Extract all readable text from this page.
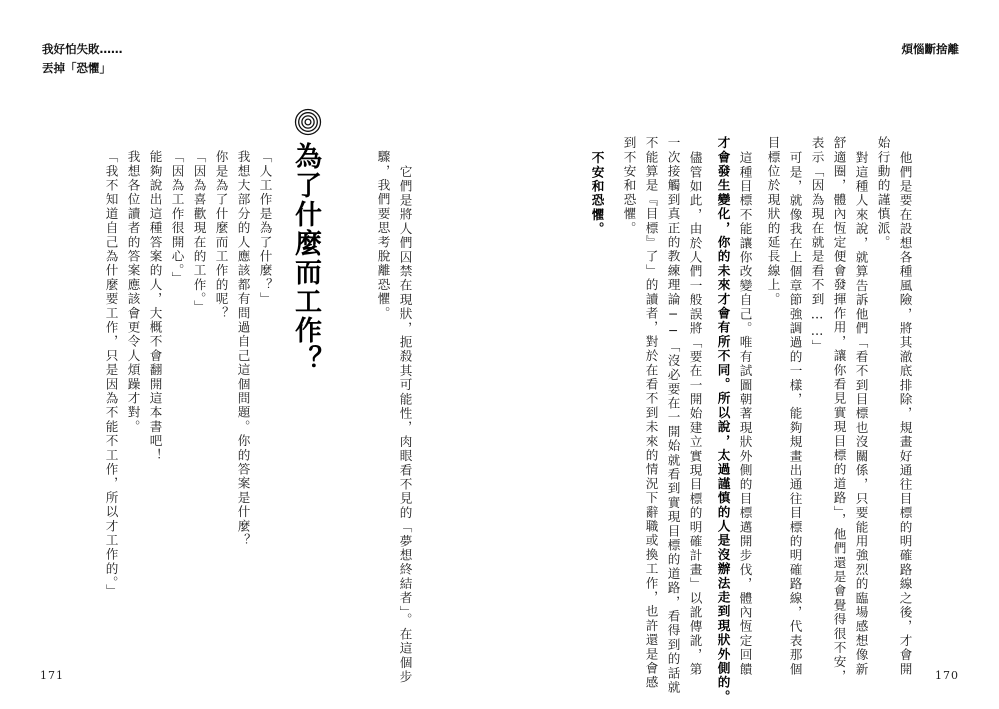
我好怕失敗……
丟掉「恐懼」
煩惱斷捨離
他們是要在設想各種風險，將其澈底排除，規畫好通往目標的明確路線之後，才會開
始行動的謹慎派。
對這種人來說，就算告訴他們「看不到目標也沒關係，只要能用強烈的臨場感想像新
舒適圈，體內恆定便會發揮作用，讓你看見實現目標的道路」，他們還是會覺得很不安，
表示「因為現在就是看不到……」
可是，就像我在上個章節強調過的一樣，能夠規畫出通往目標的明確路線，代表那個
目標位於現狀的延長線上。
這種目標不能讓你改變自己。唯有試圖朝著現狀外側的目標邁開步伐，體內恆定回饋
才會發生變化，你的未來才會有所不同。所以說，太過謹慎的人是沒辦法走到現狀外側的。
儘管如此，由於人們一般誤將「要在一開始建立實現目標的明確計畫」以訛傳訛，第
一次接觸到真正的教練理論──「沒必要在一開始就看到實現目標的道路，看得到的話就
不能算是『目標』了」的讀者，對於在看不到未來的情況下辭職或換工作，也許還是會感
到不安和恐懼。
不安和恐懼。
為了什麼而工作？	它們是將人們囚禁在現狀，扼殺其可能性，肉眼看不見的「夢想終結者」。在這個步
驟，我們要思考脫離恐懼。
「人工作是為了什麼？」
我想大部分的人應該都有問過自己這個問題。你的答案是什麼？
你是為了什麼而工作的呢？
「因為喜歡現在的工作。」
「因為工作很開心。」
能夠說出這種答案的人，大概不會翻開這本書吧！
我想各位讀者的答案應該會更令人煩躁才對。
「我不知道自己為什麼要工作，只是因為不能不工作，所以才工作的。」
171	170
